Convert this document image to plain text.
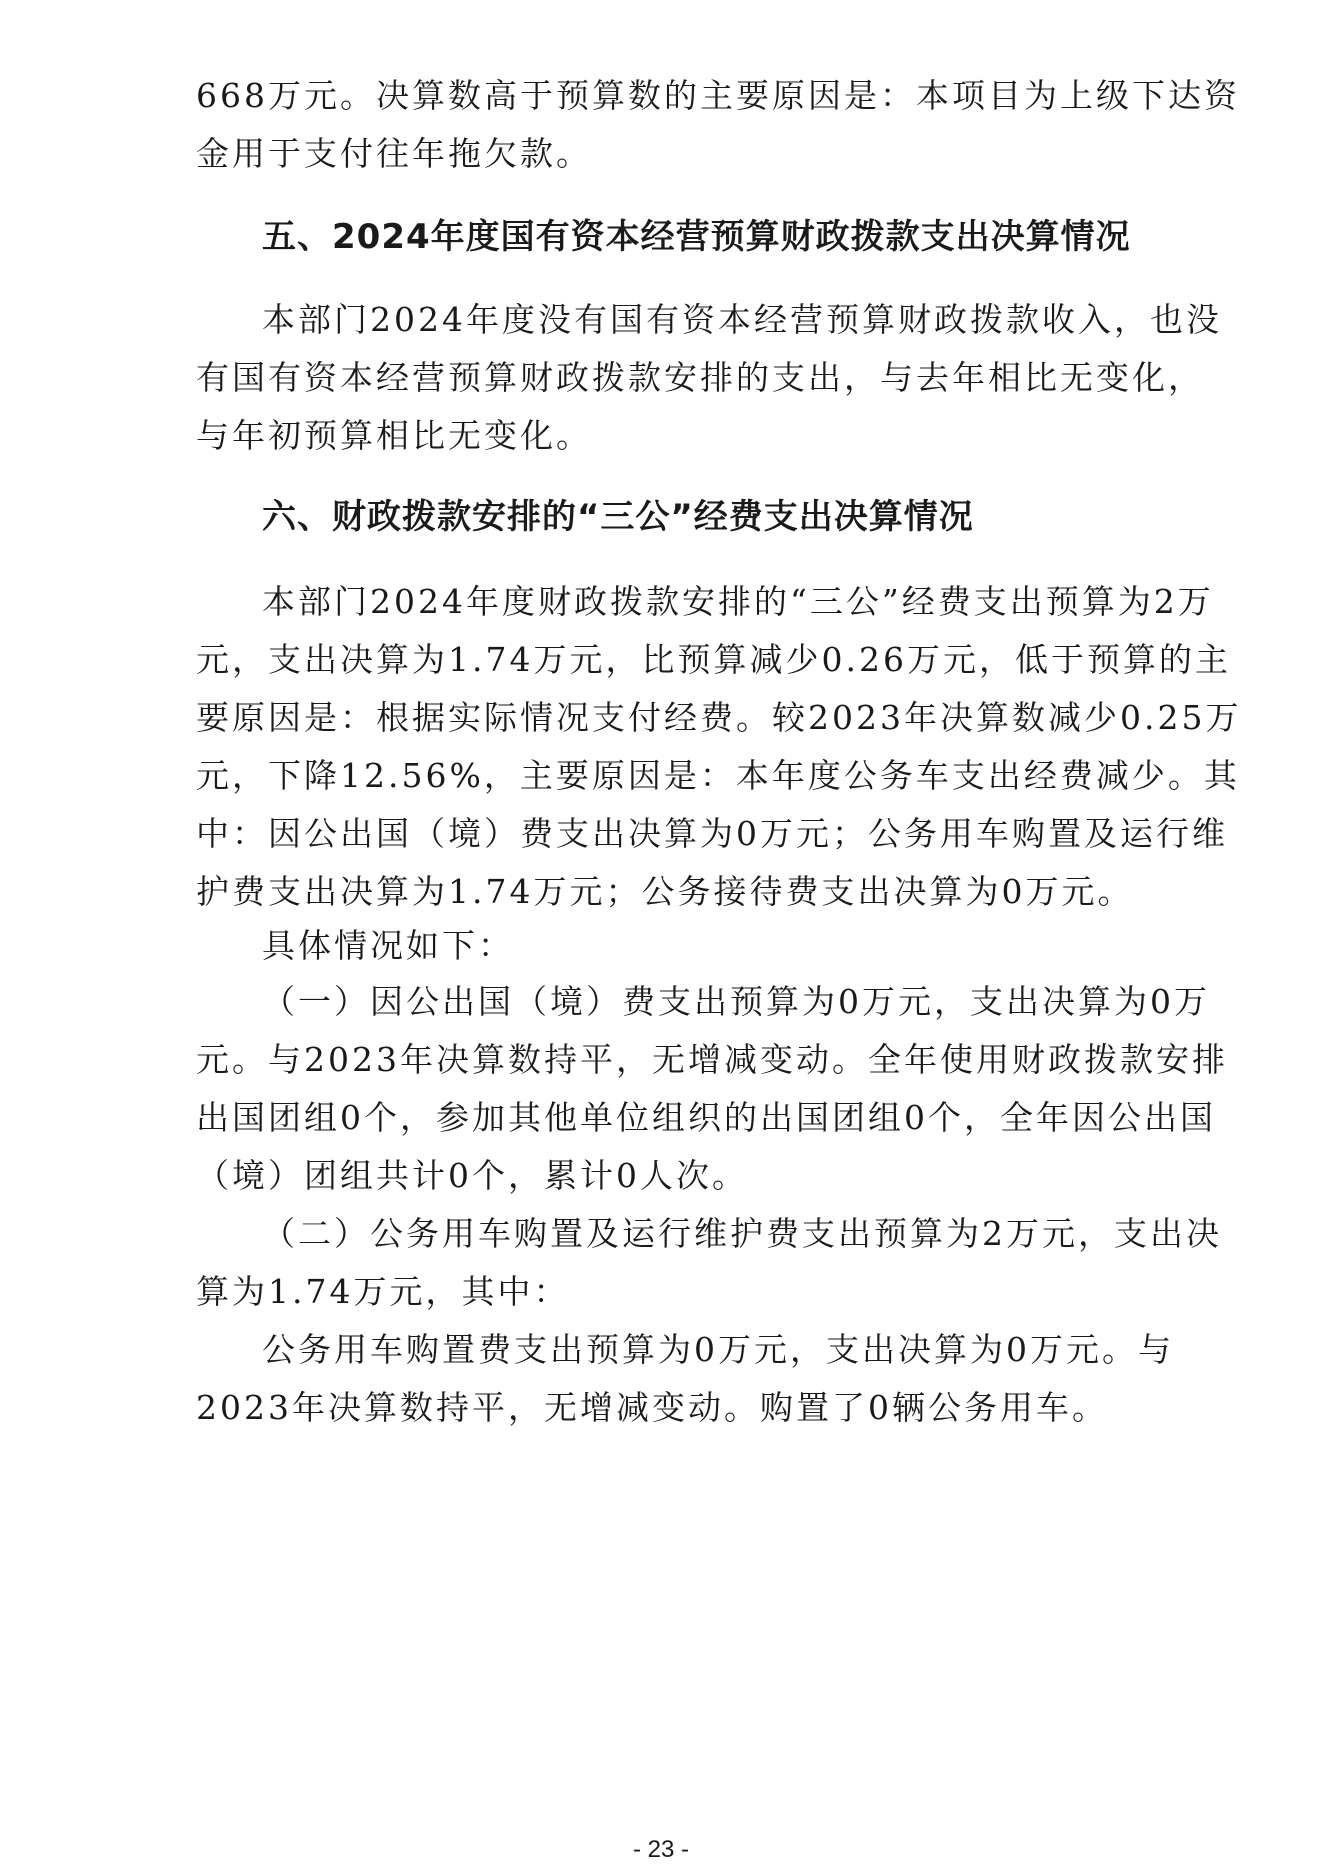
668万元。决算数高于预算数的主要原因是：本项目为上级下达资
金用于支付往年拖欠款。
五、2024年度国有资本经营预算财政拨款支出决算情况
本部门2024年度没有国有资本经营预算财政拨款收入，也没
有国有资本经营预算财政拨款安排的支出，与去年相比无变化，
与年初预算相比无变化。
六、财政拨款安排的“三公”经费支出决算情况
本部门2024年度财政拨款安排的“三公”经费支出预算为2万
元，支出决算为1.74万元，比预算减少0.26万元，低于预算的主
要原因是：根据实际情况支付经费。较2023年决算数减少0.25万
元，下降12.56%，主要原因是：本年度公务车支出经费减少。其
中：因公出国（境）费支出决算为0万元；公务用车购置及运行维
护费支出决算为1.74万元；公务接待费支出决算为0万元。
具体情况如下：
（一）因公出国（境）费支出预算为0万元，支出决算为0万
元。与2023年决算数持平，无增减变动。全年使用财政拨款安排
出国团组0个，参加其他单位组织的出国团组0个，全年因公出国
（境）团组共计0个，累计0人次。
（二）公务用车购置及运行维护费支出预算为2万元，支出决
算为1.74万元，其中：
公务用车购置费支出预算为0万元，支出决算为0万元。与
2023年决算数持平，无增减变动。购置了0辆公务用车。
- 23 -
